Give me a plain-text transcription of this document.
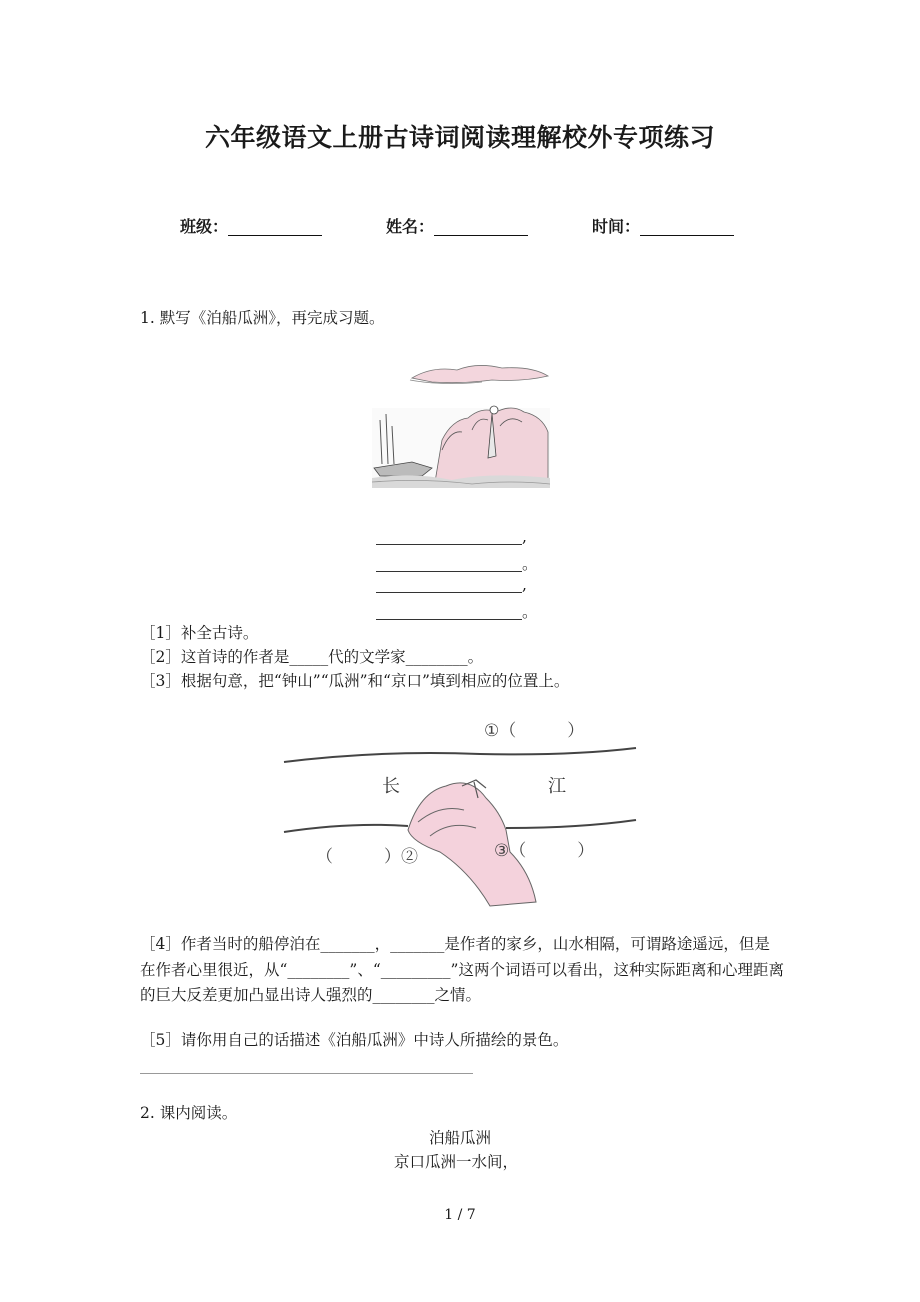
六年级语文上册古诗词阅读理解校外专项练习
班级：	姓名：	时间：
1. 默写《泊船瓜洲》，再完成习题。
,
。
,
。
［1］补全古诗。
［2］这首诗的作者是_____代的文学家________。
［3］根据句意，把“钟山”“瓜洲”和“京口”填到相应的位置上。
长	江
①（　　　）
（　　　）②	③（　　　）
［4］作者当时的船停泊在_______，_______是作者的家乡，山水相隔，可谓路途遥远，但是在作者心里很近，从“________”、“_________”这两个词语可以看出，这种实际距离和心理距离的巨大反差更加凸显出诗人强烈的________之情。
［5］请你用自己的话描述《泊船瓜洲》中诗人所描绘的景色。
2. 课内阅读。
泊船瓜洲
京口瓜洲一水间，
1 / 7
